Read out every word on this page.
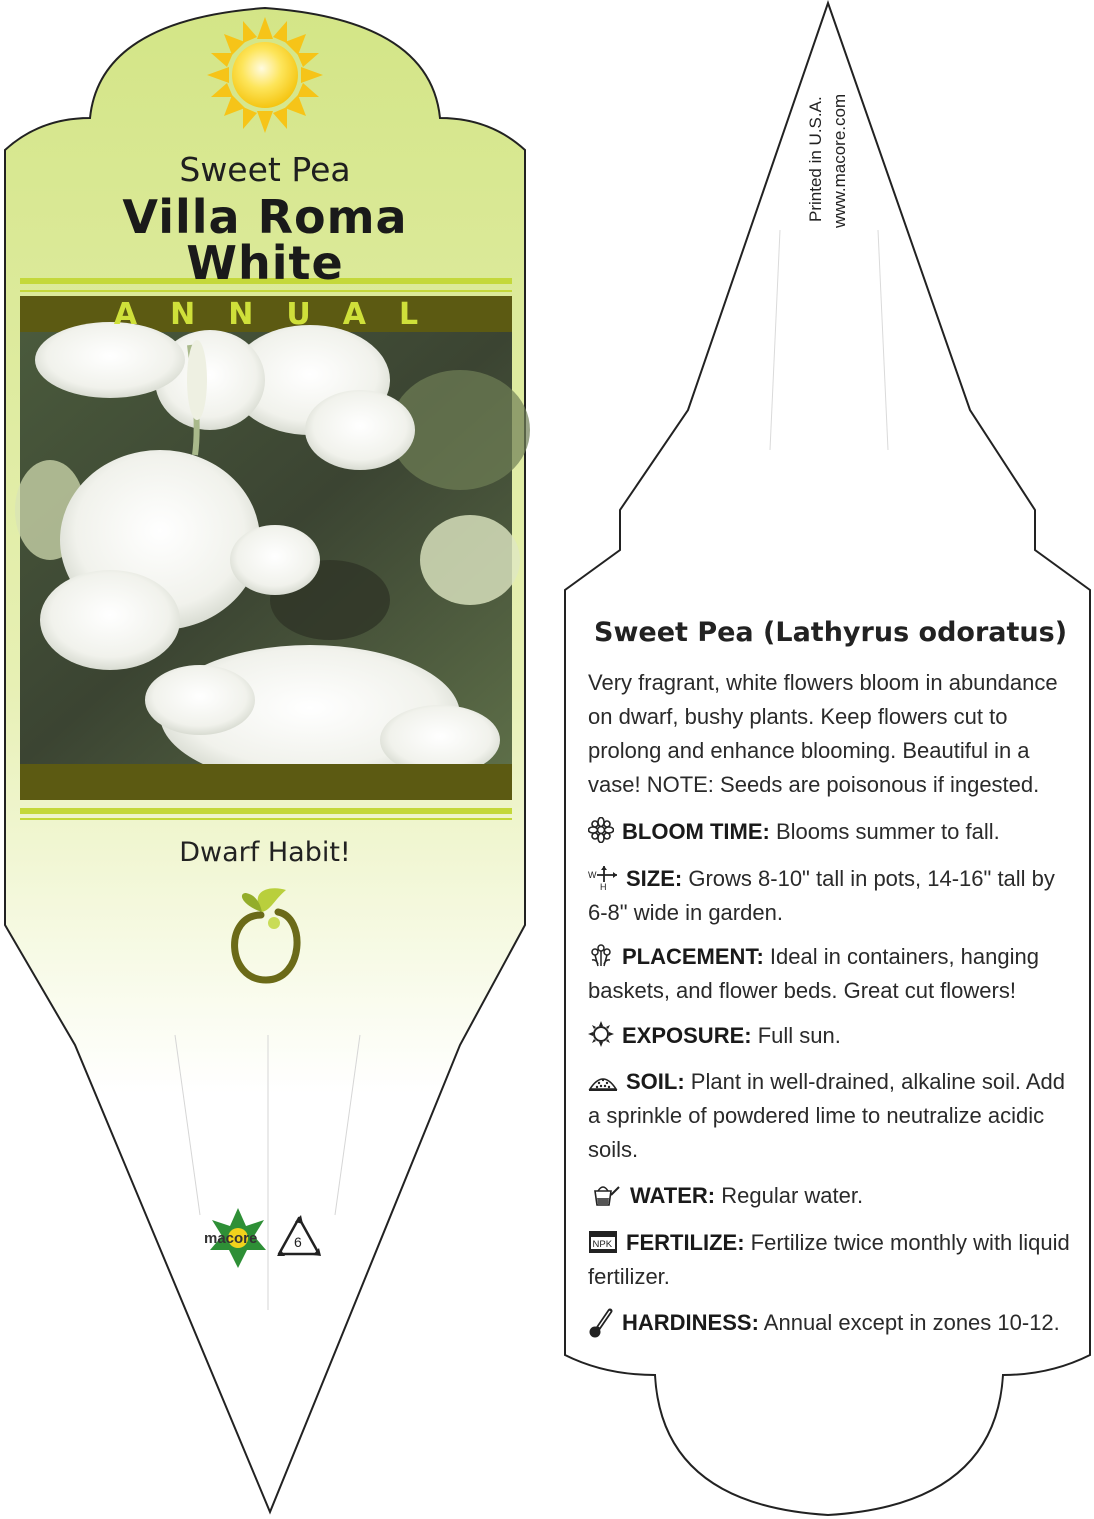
Sweet Pea
Villa Roma
White
ANNUAL
Dwarf Habit!
macore	6
Printed in U.S.A. www.macore.com
Sweet Pea (Lathyrus odoratus)
Very fragrant, white flowers bloom in abundance on dwarf, bushy plants. Keep flowers cut to prolong and enhance blooming. Beautiful in a vase! NOTE: Seeds are poisonous if ingested.
BLOOM TIME: Blooms summer to fall.
W
H SIZE: Grows 8-10" tall in pots, 14-16" tall by 6-8" wide in garden.
PLACEMENT: Ideal in containers, hanging baskets, and flower beds. Great cut flowers!
EXPOSURE: Full sun.
SOIL: Plant in well-drained, alkaline soil. Add a sprinkle of powdered lime to neutralize acidic soils.
WATER: Regular water.
NPK FERTILIZE: Fertilize twice monthly with liquid fertilizer.
HARDINESS: Annual except in zones 10-12.
